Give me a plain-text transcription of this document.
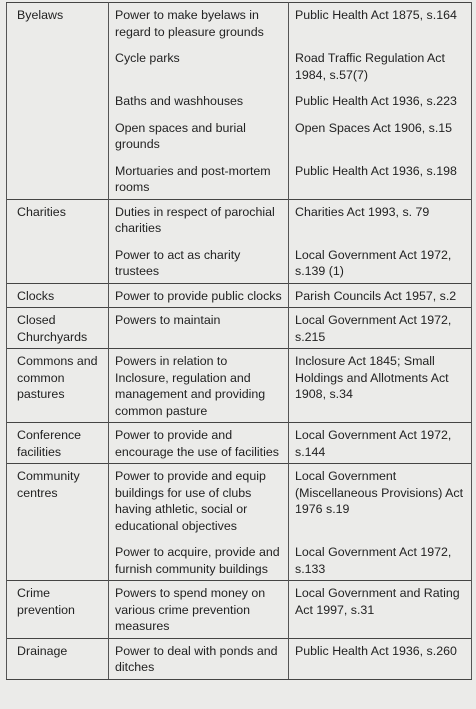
Byelaws	Power to make byelaws in regard to pleasure grounds	Public Health Act 1875, s.164
	Cycle parks	Road Traffic Regulation Act 1984, s.57(7)
	Baths and washhouses	Public Health Act 1936, s.223
	Open spaces and burial grounds	Open Spaces Act 1906, s.15
	Mortuaries and post-mortem rooms	Public Health Act 1936, s.198
Charities	Duties in respect of parochial charities	Charities Act 1993, s. 79
	Power to act as charity trustees	Local Government Act 1972, s.139 (1)
Clocks	Power to provide public clocks	Parish Councils Act 1957, s.2
Closed Churchyards	Powers to maintain	Local Government Act 1972, s.215
Commons and common pastures	Powers in relation to Inclosure, regulation and management and providing common pasture	Inclosure Act 1845; Small Holdings and Allotments Act 1908, s.34
Conference facilities	Power to provide and encourage the use of facilities	Local Government Act 1972, s.144
Community centres	Power to provide and equip buildings for use of clubs having athletic, social or educational objectives	Local Government (Miscellaneous Provisions) Act 1976 s.19
	Power to acquire, provide and furnish community buildings	Local Government Act 1972, s.133
Crime prevention	Powers to spend money on various crime prevention measures	Local Government and Rating Act 1997, s.31
Drainage	Power to deal with ponds and ditches	Public Health Act 1936, s.260
